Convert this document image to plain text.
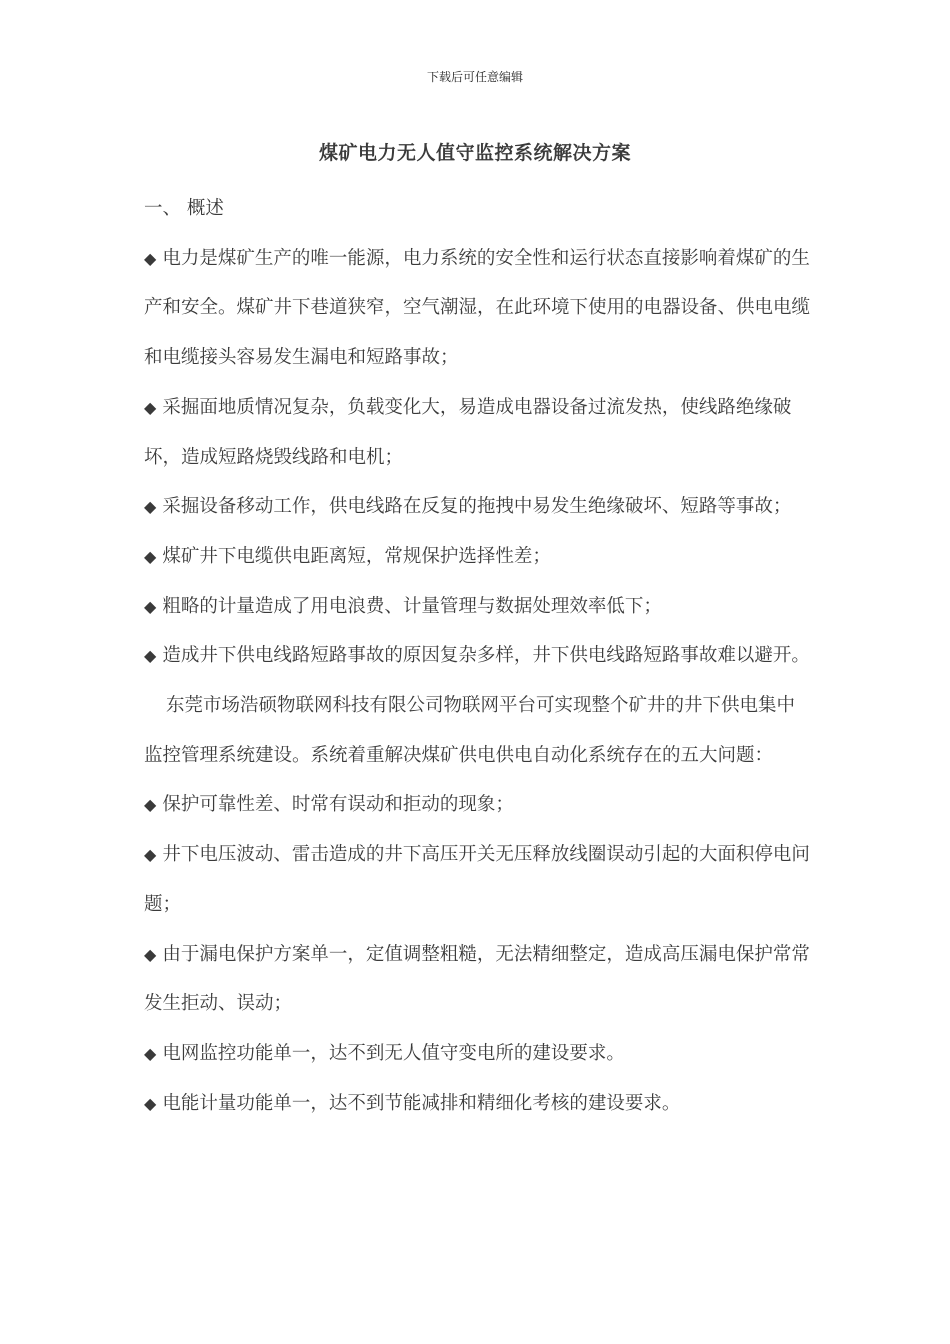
下载后可任意编辑
煤矿电力无人值守监控系统解决方案

一、 概述

◆ 电力是煤矿生产的唯一能源，电力系统的安全性和运行状态直接影响着煤矿的生产和安全。煤矿井下巷道狭窄，空气潮湿，在此环境下使用的电器设备、供电电缆和电缆接头容易发生漏电和短路事故；

◆ 采掘面地质情况复杂，负载变化大，易造成电器设备过流发热，使线路绝缘破坏，造成短路烧毁线路和电机；

◆ 采掘设备移动工作，供电线路在反复的拖拽中易发生绝缘破坏、短路等事故；

◆ 煤矿井下电缆供电距离短，常规保护选择性差；

◆ 粗略的计量造成了用电浪费、计量管理与数据处理效率低下；

◆ 造成井下供电线路短路事故的原因复杂多样，井下供电线路短路事故难以避开。

东莞市场浩硕物联网科技有限公司物联网平台可实现整个矿井的井下供电集中监控管理系统建设。系统着重解决煤矿供电供电自动化系统存在的五大问题：

◆ 保护可靠性差、时常有误动和拒动的现象；

◆ 井下电压波动、雷击造成的井下高压开关无压释放线圈误动引起的大面积停电问题；

◆ 由于漏电保护方案单一，定值调整粗糙，无法精细整定，造成高压漏电保护常常发生拒动、误动；

◆ 电网监控功能单一，达不到无人值守变电所的建设要求。

◆ 电能计量功能单一，达不到节能减排和精细化考核的建设要求。
